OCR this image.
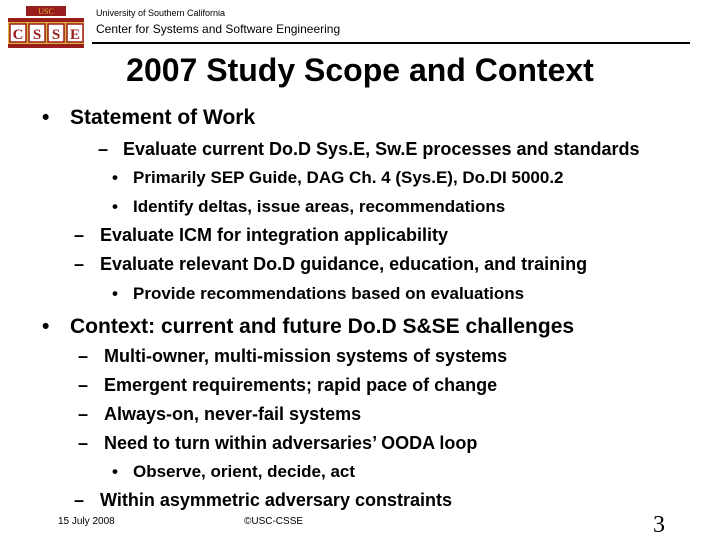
USC
C S S E
University of Southern California
Center for Systems and Software Engineering
2007 Study Scope and Context
• Statement of Work
– Evaluate current Do.D Sys.E, Sw.E processes and standards
• Primarily SEP Guide, DAG Ch. 4 (Sys.E), Do.DI 5000.2
• Identify deltas, issue areas, recommendations
– Evaluate ICM for integration applicability
– Evaluate relevant Do.D guidance, education, and training
• Provide recommendations based on evaluations
• Context: current and future Do.D S&SE challenges
– Multi-owner, multi-mission systems of systems
– Emergent requirements; rapid pace of change
– Always-on, never-fail systems
– Need to turn within adversaries’ OODA loop
• Observe, orient, decide, act
– Within asymmetric adversary constraints
15 July 2008	©USC-CSSE	3
